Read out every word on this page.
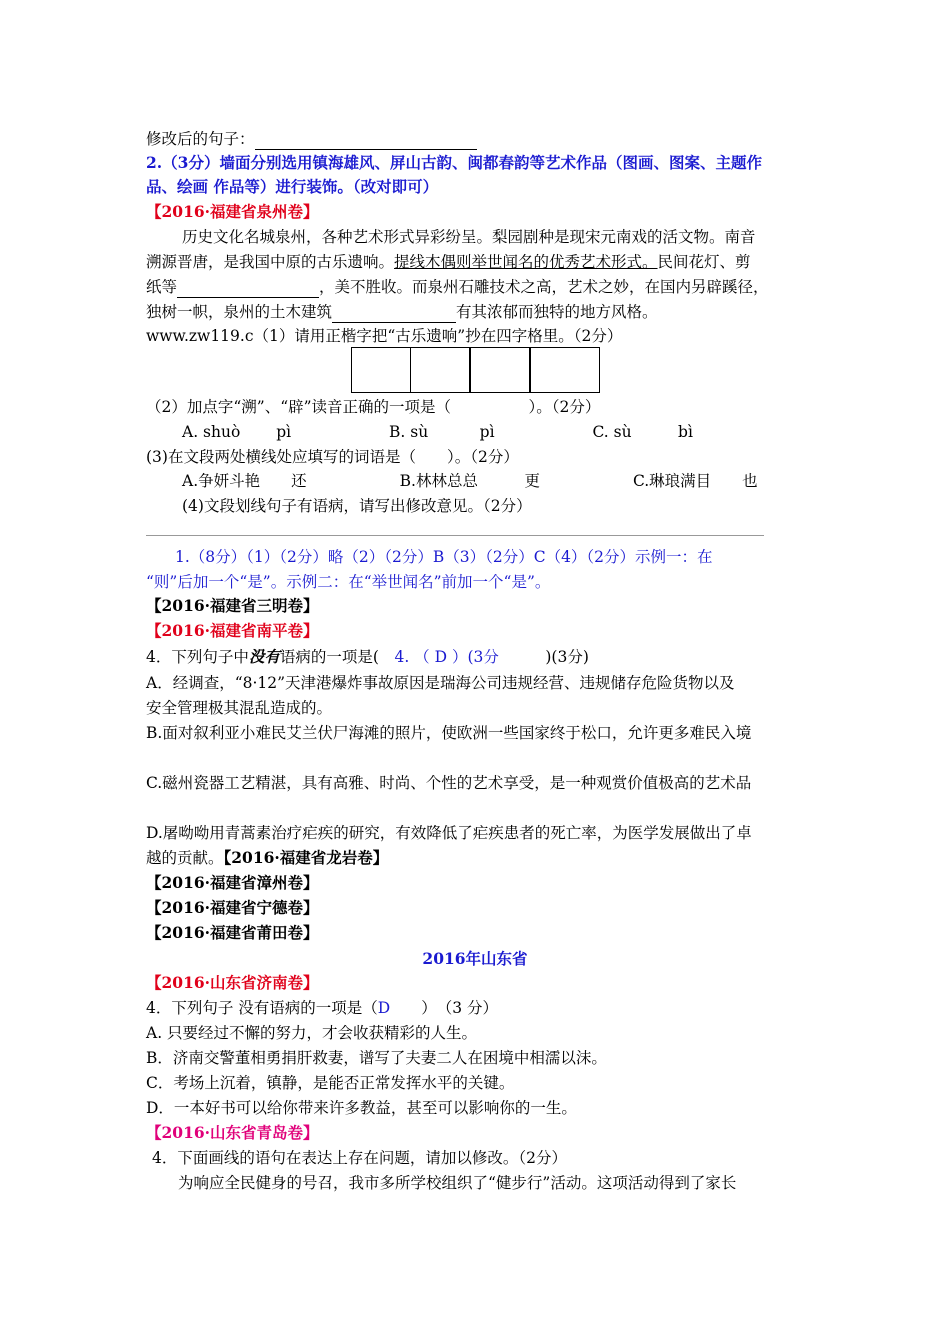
修改后的句子：
2.（3分）墙面分别选用镇海雄风、屏山古韵、闽都春韵等艺术作品（图画、图案、主题作
品、绘画 作品等）进行装饰。（改对即可）
【2016·福建省泉州卷】
历史文化名城泉州，各种艺术形式异彩纷呈。梨园剧种是现宋元南戏的活文物。南音
溯源晋唐，是我国中原的古乐遗响。提线木偶则举世闻名的优秀艺术形式。民间花灯、剪
纸等	，美不胜收。而泉州石雕技术之高，艺术之妙，在国内另辟蹊径，
独树一帜，泉州的土木建筑	有其浓郁而独特的地方风格。
www.zw119.c（1）请用正楷字把“古乐遗响”抄在四字格里。（2分）
（2）加点字“溯”、“辟”读音正确的一项是（　　　　　）。（2分）
A. shuò　　 pì　　　　　　 B. sù　　　 pì　　　　　　 C. sù　　　bì
(3)在文段两处横线处应填写的词语是（　　）。（2分）
A.争妍斗艳　　还　　　　　　B.林林总总　　　更　　　　　　C.琳琅满目　　也
(4)文段划线句子有语病，请写出修改意见。（2分）
1.（8分）（1）（2分）略（2）（2分）B（3）（2分）C（4）（2分）示例一：在
“则”后加一个“是”。示例二：在“举世闻名”前加一个“是”。
【2016·福建省三明卷】
【2016·福建省南平卷】
4．下列句子中没有语病的一项是(　4. （ D ）(3分　　　)(3分)
A．经调查，“8·12”天津港爆炸事故原因是瑞海公司违规经营、违规储存危险货物以及
安全管理极其混乱造成的。
B.面对叙利亚小难民艾兰伏尸海滩的照片，使欧洲一些国家终于松口，允许更多难民入境
C.磁州瓷器工艺精湛，具有高雅、时尚、个性的艺术享受，是一种观赏价值极高的艺术品
D.屠呦呦用青蒿素治疗疟疾的研究，有效降低了疟疾患者的死亡率，为医学发展做出了卓
越的贡献。【2016·福建省龙岩卷】
【2016·福建省漳州卷】
【2016·福建省宁德卷】
【2016·福建省莆田卷】
2016年山东省
【2016·山东省济南卷】
4．下列句子 没有语病的一项是（D　　）　（3 分）
A. 只要经过不懈的努力，才会收获精彩的人生。
B．济南交警董相勇捐肝救妻，谱写了夫妻二人在困境中相濡以沫。
C．考场上沉着，镇静，是能否正常发挥水平的关键。
D．一本好书可以给你带来许多教益，甚至可以影响你的一生。
【2016·山东省青岛卷】
4．下面画线的语句在表达上存在问题，请加以修改。（2分）
为响应全民健身的号召，我市多所学校组织了“健步行”活动。这项活动得到了家长
